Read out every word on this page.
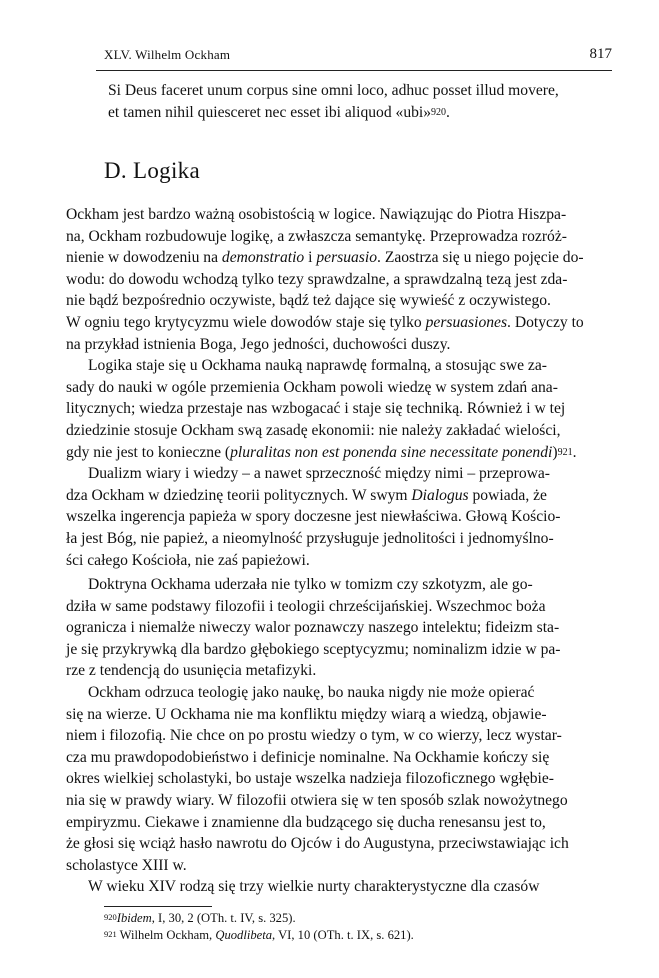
XLV. Wilhelm Ockham	817
Si Deus faceret unum corpus sine omni loco, adhuc posset illud movere,
et tamen nihil quiesceret nec esset ibi aliquod «ubi»$^{920}$.
D. Logika
Ockham jest bardzo ważną osobistością w logice. Nawiązując do Piotra Hiszpa-
na, Ockham rozbudowuje logikę, a zwłaszcza semantykę. Przeprowadza rozróż-
nienie w dowodzeniu na demonstratio i persuasio. Zaostrza się u niego pojęcie do-
wodu: do dowodu wchodzą tylko tezy sprawdzalne, a sprawdzalną tezą jest zda-
nie bądź bezpośrednio oczywiste, bądź też dające się wywieść z oczywistego.
W ogniu tego krytycyzmu wiele dowodów staje się tylko persuasiones. Dotyczy to
na przykład istnienia Boga, Jego jedności, duchowości duszy.
Logika staje się u Ockhama nauką naprawdę formalną, a stosując swe za-
sady do nauki w ogóle przemienia Ockham powoli wiedzę w system zdań ana-
litycznych; wiedza przestaje nas wzbogacać i staje się techniką. Również i w tej
dziedzinie stosuje Ockham swą zasadę ekonomii: nie należy zakładać wielości,
gdy nie jest to konieczne (pluralitas non est ponenda sine necessitate ponendi)$^{921}$.
Dualizm wiary i wiedzy – a nawet sprzeczność między nimi – przeprowa-
dza Ockham w dziedzinę teorii politycznych. W swym Dialogus powiada, że
wszelka ingerencja papieża w spory doczesne jest niewłaściwa. Głową Kościo-
ła jest Bóg, nie papież, a nieomylność przysługuje jednolitości i jednomyślno-
ści całego Kościoła, nie zaś papieżowi.
Doktryna Ockhama uderzała nie tylko w tomizm czy szkotyzm, ale go-
dziła w same podstawy filozofii i teologii chrześcijańskiej. Wszechmoc boża
ogranicza i niemalże niweczy walor poznawczy naszego intelektu; fideizm sta-
je się przykrywką dla bardzo głębokiego sceptycyzmu; nominalizm idzie w pa-
rze z tendencją do usunięcia metafizyki.
Ockham odrzuca teologię jako naukę, bo nauka nigdy nie może opierać
się na wierze. U Ockhama nie ma konfliktu między wiarą a wiedzą, objawie-
niem i filozofią. Nie chce on po prostu wiedzy o tym, w co wierzy, lecz wystar-
cza mu prawdopodobieństwo i definicje nominalne. Na Ockhamie kończy się
okres wielkiej scholastyki, bo ustaje wszelka nadzieja filozoficznego wgłębie-
nia się w prawdy wiary. W filozofii otwiera się w ten sposób szlak nowożytnego
empiryzmu. Ciekawe i znamienne dla budzącego się ducha renesansu jest to,
że głosi się wciąż hasło nawrotu do Ojców i do Augustyna, przeciwstawiając ich
scholastyce XIII w.
W wieku XIV rodzą się trzy wielkie nurty charakterystyczne dla czasów
$^{920}$Ibidem, I, 30, 2 (OTh. t. IV, s. 325).
$^{921}$ Wilhelm Ockham, Quodlibeta, VI, 10 (OTh. t. IX, s. 621).
